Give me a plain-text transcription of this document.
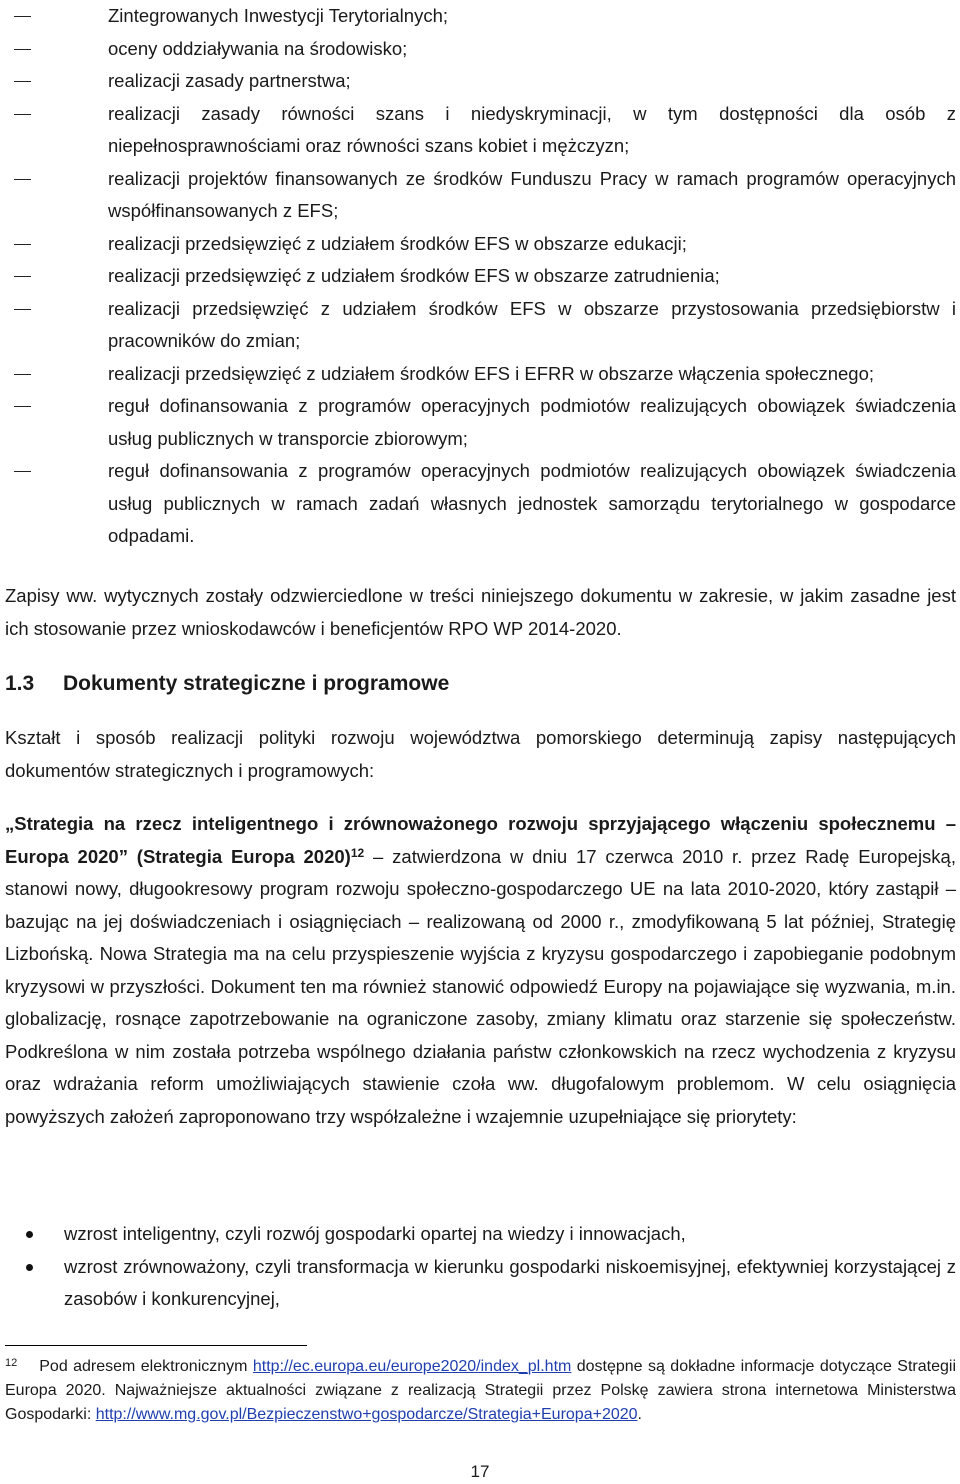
Zintegrowanych Inwestycji Terytorialnych;
oceny oddziaływania na środowisko;
realizacji zasady partnerstwa;
realizacji zasady równości szans i niedyskryminacji, w tym dostępności dla osób z niepełnosprawnościami oraz równości szans kobiet i mężczyzn;
realizacji projektów finansowanych ze środków Funduszu Pracy w ramach programów operacyjnych współfinansowanych z EFS;
realizacji przedsięwzięć z udziałem środków EFS w obszarze edukacji;
realizacji przedsięwzięć z udziałem środków EFS w obszarze zatrudnienia;
realizacji przedsięwzięć z udziałem środków EFS w obszarze przystosowania przedsiębiorstw i pracowników do zmian;
realizacji przedsięwzięć z udziałem środków EFS i EFRR w obszarze włączenia społecznego;
reguł dofinansowania z programów operacyjnych podmiotów realizujących obowiązek świadczenia usług publicznych w transporcie zbiorowym;
reguł dofinansowania z programów operacyjnych podmiotów realizujących obowiązek świadczenia usług publicznych w ramach zadań własnych jednostek samorządu terytorialnego w gospodarce odpadami.

Zapisy ww. wytycznych zostały odzwierciedlone w treści niniejszego dokumentu w zakresie, w jakim zasadne jest ich stosowanie przez wnioskodawców i beneficjentów RPO WP 2014-2020.

1.3 Dokumenty strategiczne i programowe

Kształt i sposób realizacji polityki rozwoju województwa pomorskiego determinują zapisy następujących dokumentów strategicznych i programowych:

„Strategia na rzecz inteligentnego i zrównoważonego rozwoju sprzyjającego włączeniu społecznemu – Europa 2020” (Strategia Europa 2020)$^{12}$ – zatwierdzona w dniu 17 czerwca 2010 r. przez Radę Europejską, stanowi nowy, długookresowy program rozwoju społeczno-gospodarczego UE na lata 2010-2020, który zastąpił – bazując na jej doświadczeniach i osiągnięciach – realizowaną od 2000 r., zmodyfikowaną 5 lat później, Strategię Lizbońską. Nowa Strategia ma na celu przyspieszenie wyjścia z kryzysu gospodarczego i zapobieganie podobnym kryzysowi w przyszłości. Dokument ten ma również stanowić odpowiedź Europy na pojawiające się wyzwania, m.in. globalizację, rosnące zapotrzebowanie na ograniczone zasoby, zmiany klimatu oraz starzenie się społeczeństw. Podkreślona w nim została potrzeba wspólnego działania państw członkowskich na rzecz wychodzenia z kryzysu oraz wdrażania reform umożliwiających stawienie czoła ww. długofalowym problemom. W celu osiągnięcia powyższych założeń zaproponowano trzy współzależne i wzajemnie uzupełniające się priorytety:

wzrost inteligentny, czyli rozwój gospodarki opartej na wiedzy i innowacjach,
wzrost zrównoważony, czyli transformacja w kierunku gospodarki niskoemisyjnej, efektywniej korzystającej z zasobów i konkurencyjnej,

$^{12}$ Pod adresem elektronicznym http://ec.europa.eu/europe2020/index_pl.htm dostępne są dokładne informacje dotyczące Strategii Europa 2020. Najważniejsze aktualności związane z realizacją Strategii przez Polskę zawiera strona internetowa Ministerstwa Gospodarki: http://www.mg.gov.pl/Bezpieczenstwo+gospodarcze/Strategia+Europa+2020.

17
